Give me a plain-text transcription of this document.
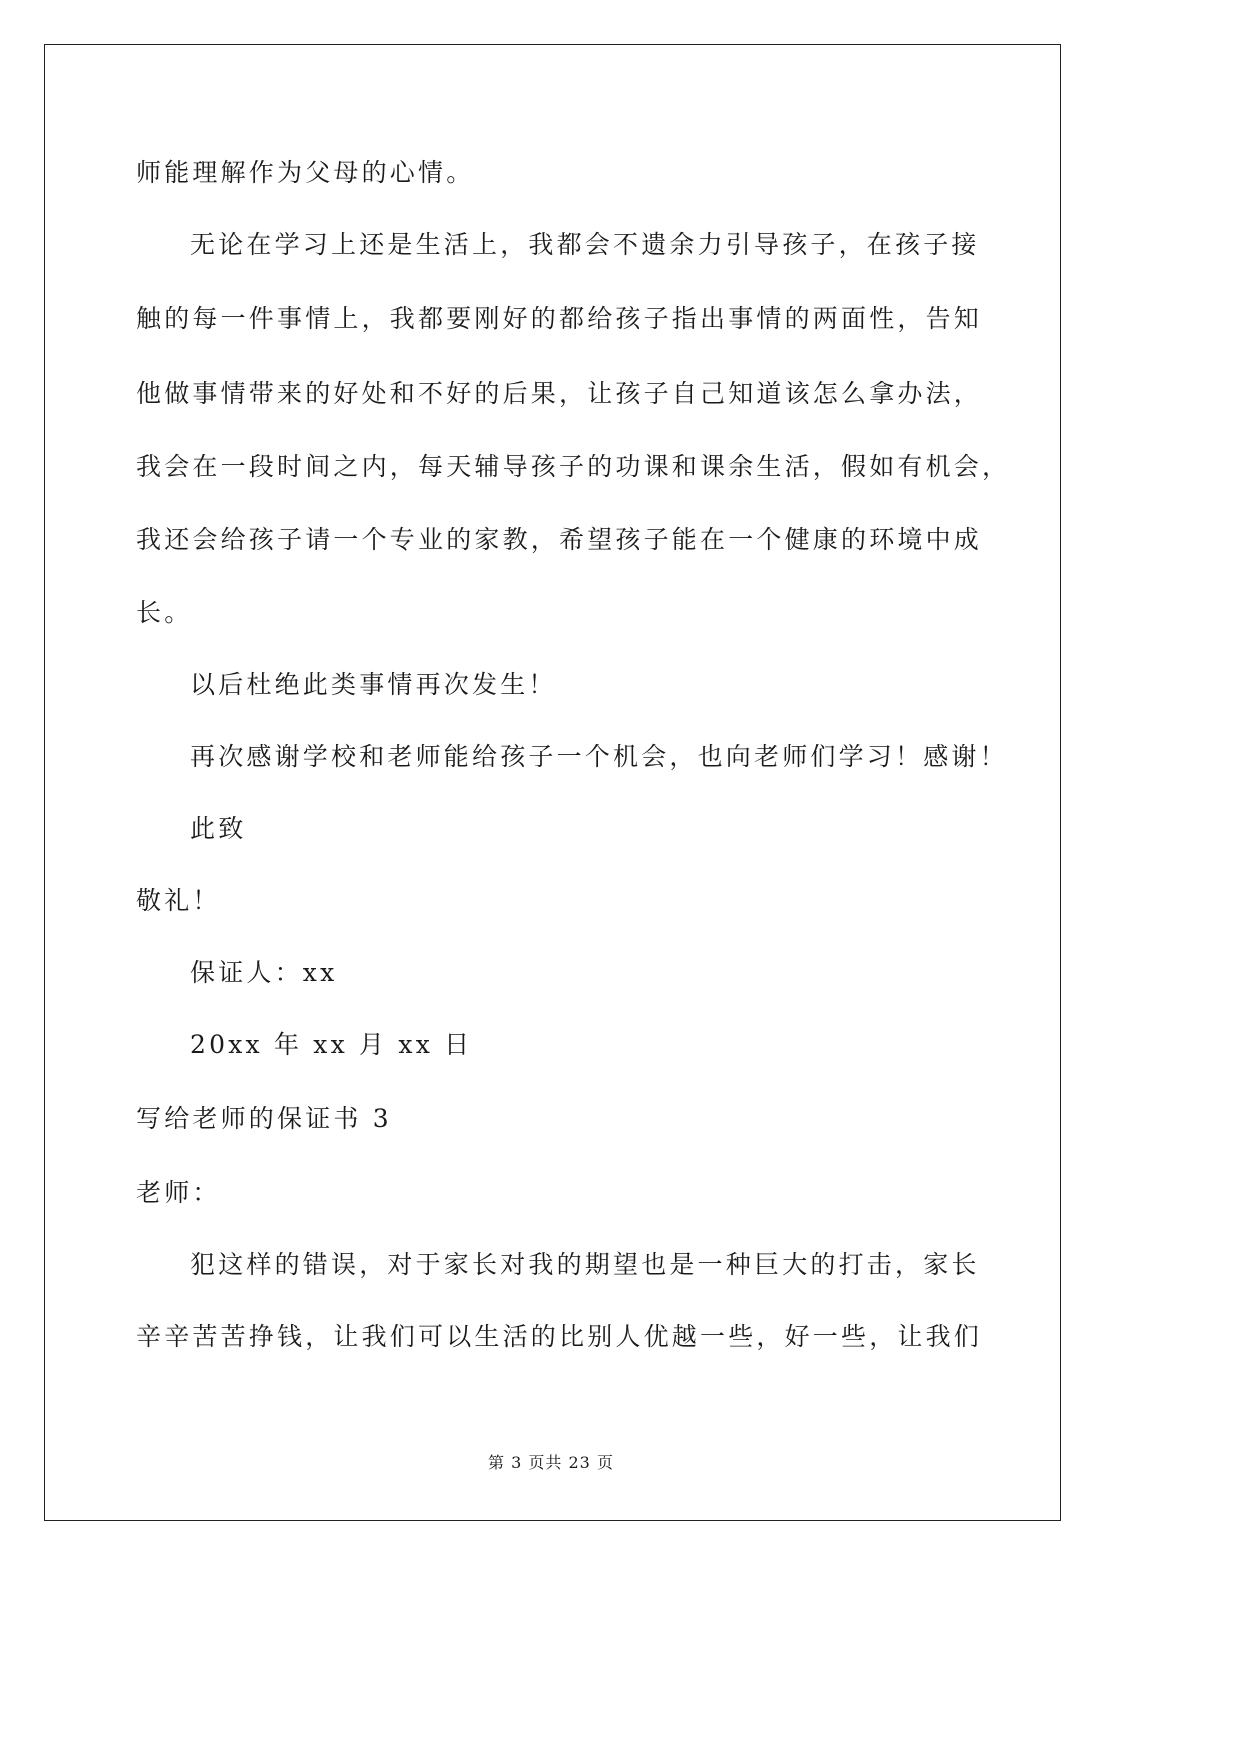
师能理解作为父母的心情。
无论在学习上还是生活上，我都会不遗余力引导孩子，在孩子接
触的每一件事情上，我都要刚好的都给孩子指出事情的两面性，告知
他做事情带来的好处和不好的后果，让孩子自己知道该怎么拿办法，
我会在一段时间之内，每天辅导孩子的功课和课余生活，假如有机会，
我还会给孩子请一个专业的家教，希望孩子能在一个健康的环境中成
长。
以后杜绝此类事情再次发生！
再次感谢学校和老师能给孩子一个机会，也向老师们学习！感谢！
此致
敬礼！
保证人：xx
20xx 年 xx 月 xx 日
写给老师的保证书 3
老师：
犯这样的错误，对于家长对我的期望也是一种巨大的打击，家长
辛辛苦苦挣钱，让我们可以生活的比别人优越一些，好一些，让我们
第 3 页共 23 页
